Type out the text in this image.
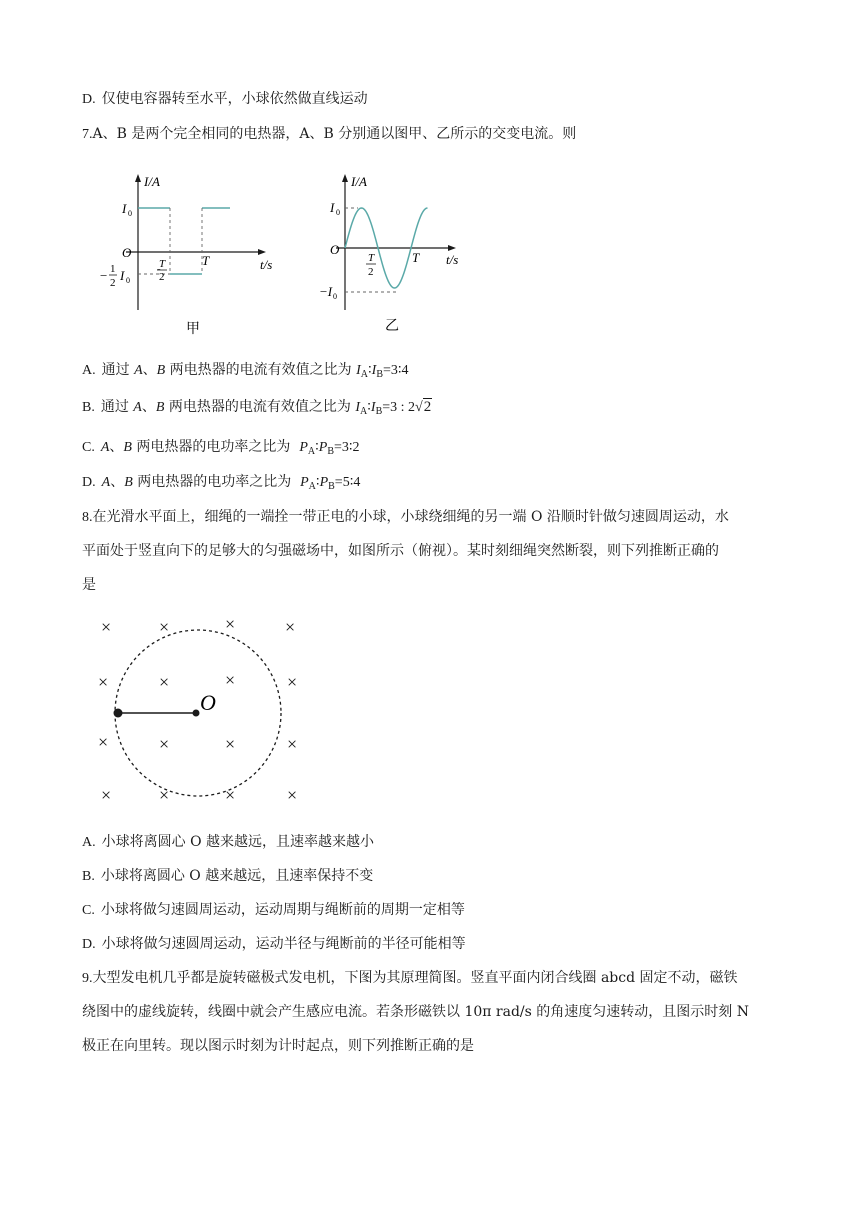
D. 仅使电容器转至水平，小球依然做直线运动
7.A、B 是两个完全相同的电热器，A、B 分别通以图甲、乙所示的交变电流。则
I/A
t/s
O
I 0
− 1
2 I 0
-
T
2
T
甲
I/A
t/s
O
I 0
−I 0
T
2
T
乙
A. 通过 A、B 两电热器的电流有效值之比为 $I_A∶I_B=3∶4$
B. 通过 A、B 两电热器的电流有效值之比为 $I_A∶I_B=3$ : 2√2
C. A、B 两电热器的电功率之比为 $P_A∶P_B=3∶2$
D. A、B 两电热器的电功率之比为 $P_A∶P_B=5∶4$
8.在光滑水平面上，细绳的一端拴一带正电的小球，小球绕细绳的另一端 O 沿顺时针做匀速圆周运动，水
平面处于竖直向下的足够大的匀强磁场中，如图所示（俯视）。某时刻细绳突然断裂，则下列推断正确的
是
O
×	×	×	×
×	×	×	×
×	×	×	×
×	×	×	×
A. 小球将离圆心 O 越来越远，且速率越来越小
B. 小球将离圆心 O 越来越远，且速率保持不变
C. 小球将做匀速圆周运动，运动周期与绳断前的周期一定相等
D. 小球将做匀速圆周运动，运动半径与绳断前的半径可能相等
9.大型发电机几乎都是旋转磁极式发电机，下图为其原理简图。竖直平面内闭合线圈 abcd 固定不动，磁铁
绕图中的虚线旋转，线圈中就会产生感应电流。若条形磁铁以 10π rad/s 的角速度匀速转动，且图示时刻 N
极正在向里转。现以图示时刻为计时起点，则下列推断正确的是
